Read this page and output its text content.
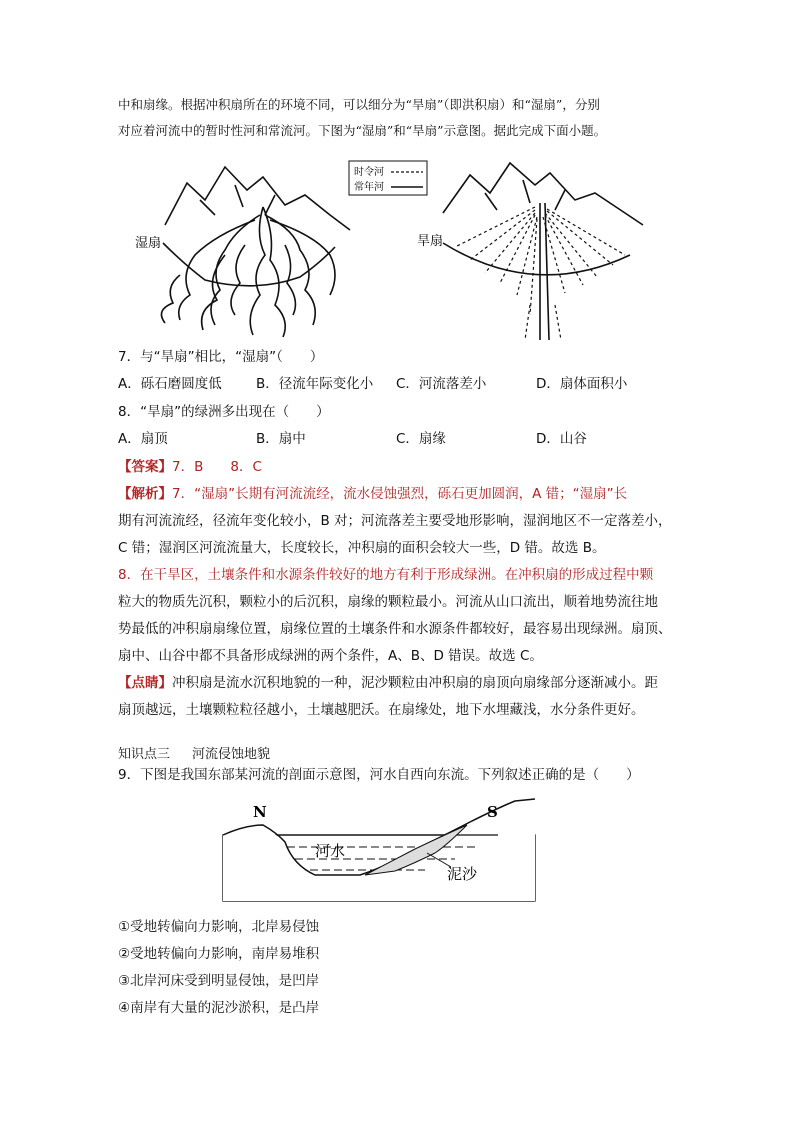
中和扇缘。根据冲积扇所在的环境不同，可以细分为“旱扇”（即洪积扇）和“湿扇”，分别
对应着河流中的暂时性河和常流河。下图为“湿扇”和“旱扇”示意图。据此完成下面小题。
湿扇
时令河
常年河
旱扇
7．与“旱扇”相比，“湿扇”（　　）
A．砾石磨圆度低	B．径流年际变化小 C．河流落差小	D．扇体面积小
8．“旱扇”的绿洲多出现在（　　）
A．扇顶	B．扇中	C．扇缘	D．山谷
【答案】7．B　　8．C
【解析】7．“湿扇”长期有河流流经，流水侵蚀强烈，砾石更加圆润，A 错；“湿扇”长
期有河流流经，径流年变化较小，B 对；河流落差主要受地形影响，湿润地区不一定落差小，
C 错；湿润区河流流量大，长度较长，冲积扇的面积会较大一些，D 错。故选 B。
8．在干旱区，土壤条件和水源条件较好的地方有利于形成绿洲。在冲积扇的形成过程中颗
粒大的物质先沉积，颗粒小的后沉积，扇缘的颗粒最小。河流从山口流出，顺着地势流往地
势最低的冲积扇扇缘位置，扇缘位置的土壤条件和水源条件都较好，最容易出现绿洲。扇顶、
扇中、山谷中都不具备形成绿洲的两个条件，A、B、D 错误。故选 C。
【点睛】冲积扇是流水沉积地貌的一种，泥沙颗粒由冲积扇的扇顶向扇缘部分逐渐减小。距
扇顶越远，土壤颗粒粒径越小，土壤越肥沃。在扇缘处，地下水埋藏浅，水分条件更好。
知识点三 河流侵蚀地貌
9．下图是我国东部某河流的剖面示意图，河水自西向东流。下列叙述正确的是（　　）
N	S
河水
泥沙
①受地转偏向力影响，北岸易侵蚀
②受地转偏向力影响，南岸易堆积
③北岸河床受到明显侵蚀，是凹岸
④南岸有大量的泥沙淤积，是凸岸
